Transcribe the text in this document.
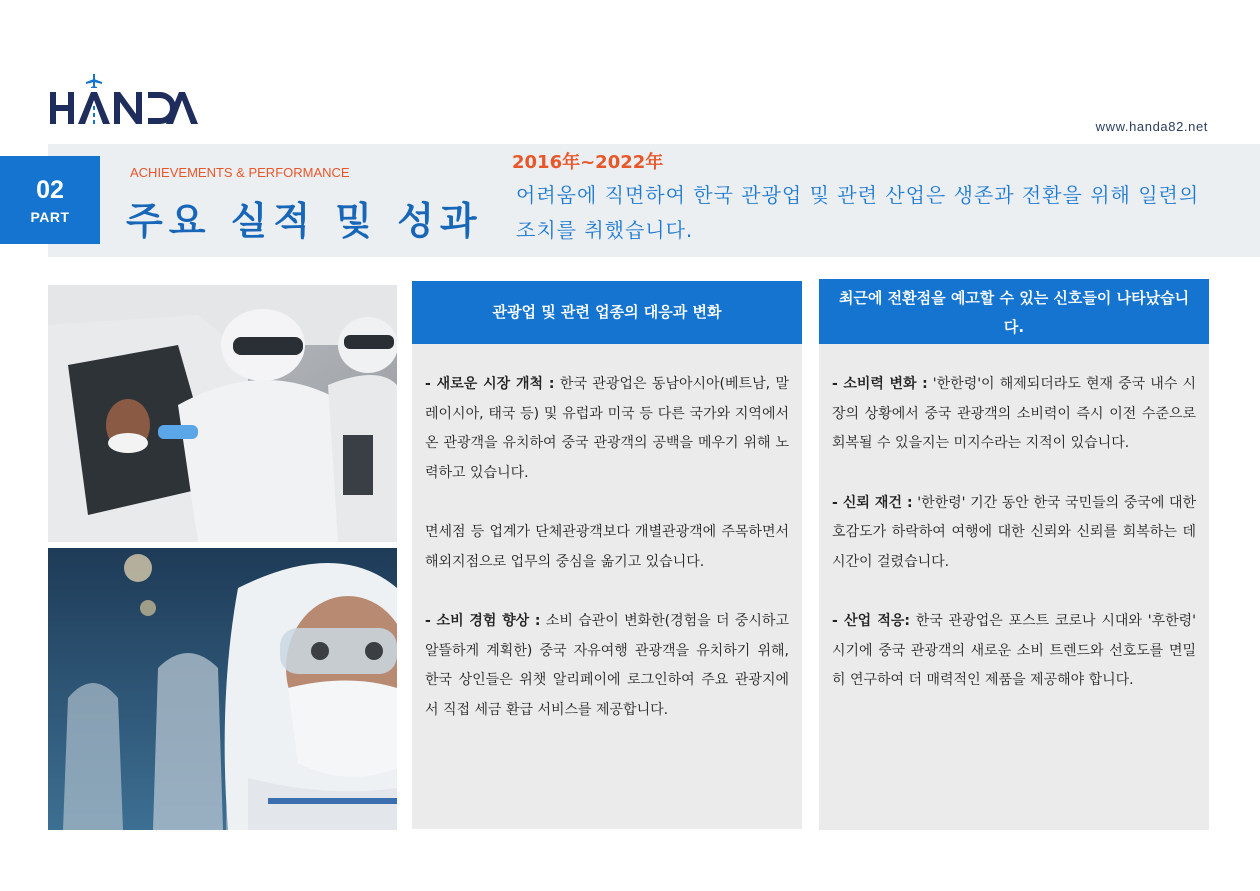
www.handa82.net
02
PART
ACHIEVEMENTS & PERFORMANCE
주요 실적 및 성과
2016年~2022年
어려움에 직면하여 한국 관광업 및 관련 산업은 생존과 전환을 위해 일련의 조치를 취했습니다.
관광업 및 관련 업종의 대응과 변화

- 새로운 시장 개척 : 한국 관광업은 동남아시아(베트남, 말레이시아, 태국 등) 및 유럽과 미국 등 다른 국가와 지역에서 온 관광객을 유치하여 중국 관광객의 공백을 메우기 위해 노력하고 있습니다.

면세점 등 업계가 단체관광객보다 개별관광객에 주목하면서 해외지점으로 업무의 중심을 옮기고 있습니다.

- 소비 경험 향상 : 소비 습관이 변화한(경험을 더 중시하고 알뜰하게 계획한) 중국 자유여행 관광객을 유치하기 위해, 한국 상인들은 위챗 알리페이에 로그인하여 주요 관광지에서 직접 세금 환급 서비스를 제공합니다.

최근에 전환점을 예고할 수 있는 신호들이 나타났습니다.

- 소비력 변화 : '한한령'이 해제되더라도 현재 중국 내수 시장의 상황에서 중국 관광객의 소비력이 즉시 이전 수준으로 회복될 수 있을지는 미지수라는 지적이 있습니다.

- 신뢰 재건 : '한한령' 기간 동안 한국 국민들의 중국에 대한 호감도가 하락하여 여행에 대한 신뢰와 신뢰를 회복하는 데 시간이 걸렸습니다.

- 산업 적응: 한국 관광업은 포스트 코로나 시대와 '후한령' 시기에 중국 관광객의 새로운 소비 트렌드와 선호도를 면밀히 연구하여 더 매력적인 제품을 제공해야 합니다.
